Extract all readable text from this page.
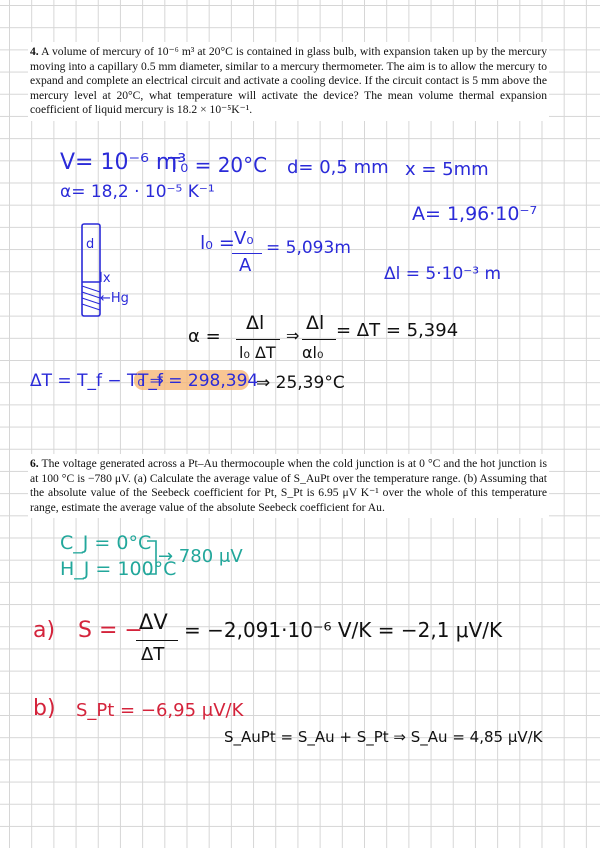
4. A volume of mercury of 10⁻⁶ m³ at 20°C is contained in glass bulb, with expansion taken up by the mercury moving into a capillary 0.5 mm diameter, similar to a mercury thermometer. The aim is to allow the mercury to expand and complete an electrical circuit and activate a cooling device. If the circuit contact is 5 mm above the mercury level at 20°C, what temperature will activate the device? The mean volume thermal expansion coefficient of liquid mercury is 18.2 × 10⁻⁵K⁻¹.
V= 10⁻⁶ m³
T₀ = 20°C d= 0,5 mm x = 5mm
α= 18,2 · 10⁻⁵ K⁻¹
A= 1,96·10⁻⁷
d
Ix
←Hg
l₀ = V₀
A
= 5,093m
Δl = 5·10⁻³ m
α =
Δl
l₀ ΔT
⇒
Δl
αl₀
= ΔT = 5,394
ΔT = T_f − T₀ ⇒
T_f = 298,394
⇒ 25,39°C
6. The voltage generated across a Pt–Au thermocouple when the cold junction is at 0 °C and the hot junction is at 100 °C is −780 μV. (a) Calculate the average value of S_AuPt over the temperature range. (b) Assuming that the absolute value of the Seebeck coefficient for Pt, S_Pt is 6.95 μV K⁻¹ over the whole of this temperature range, estimate the average value of the absolute Seebeck coefficient for Au.
C_J = 0°C
H_J = 100°C
→ 780 μV
a) S = −
ΔV
ΔT
= −2,091·10⁻⁶ V/K = −2,1 μV/K
b) S_Pt = −6,95 μV/K
S_AuPt = S_Au + S_Pt ⇒ S_Au = 4,85 μV/K
